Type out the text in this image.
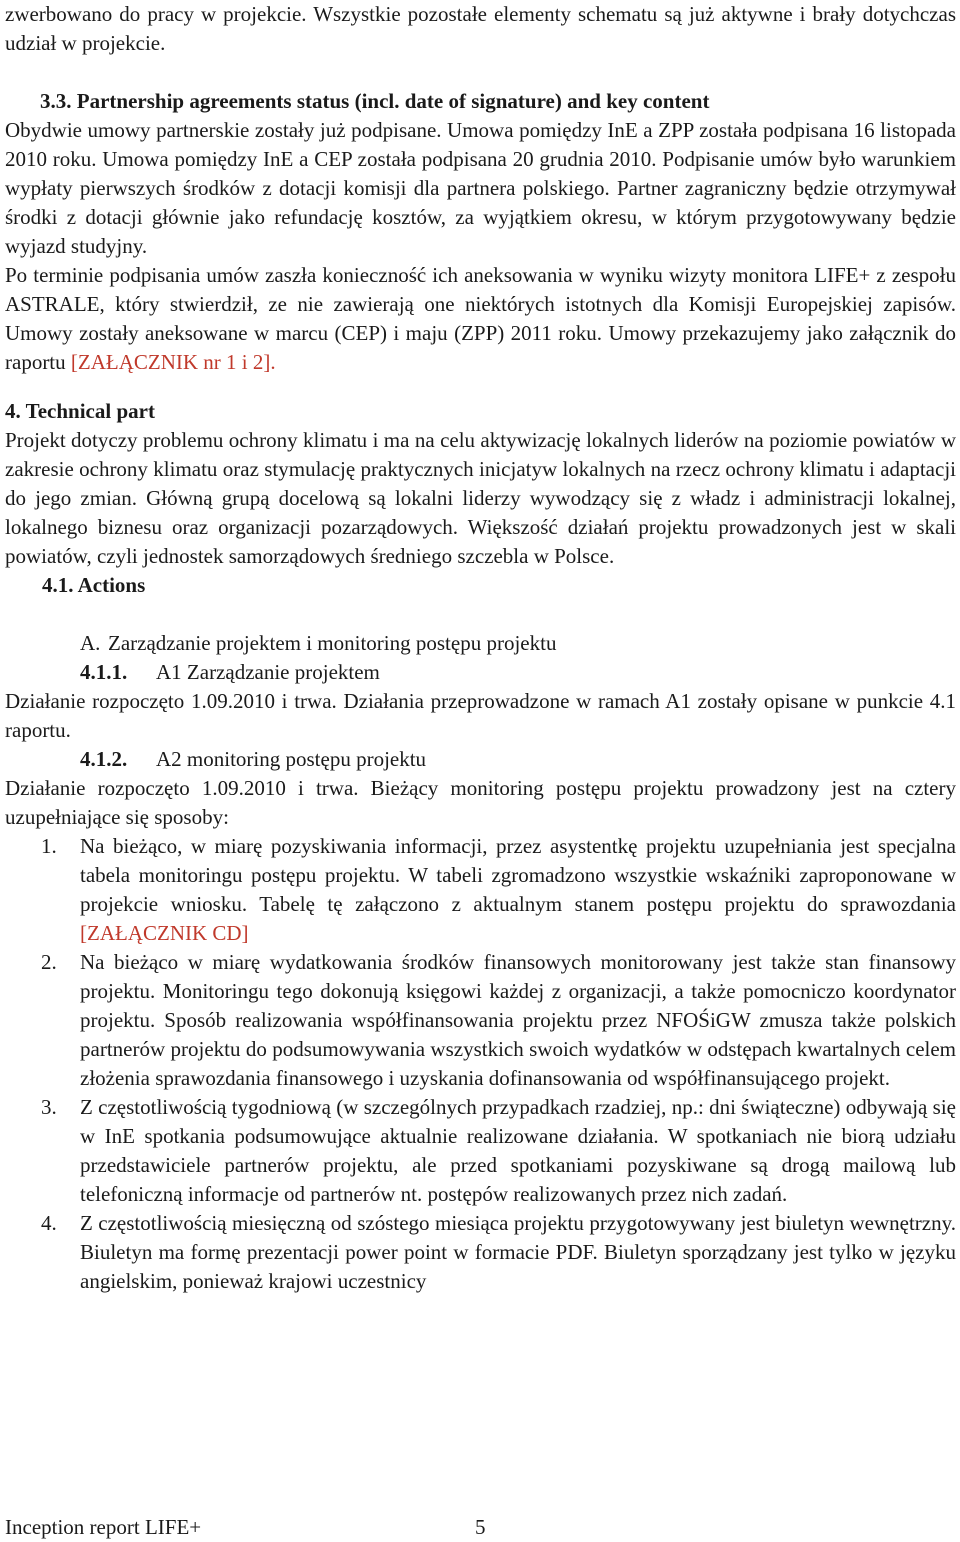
zwerbowano do pracy w projekcie. Wszystkie pozostałe elementy schematu są już aktywne i brały dotychczas udział w projekcie.

3.3. Partnership agreements status (incl. date of signature) and key content

Obydwie umowy partnerskie zostały już podpisane. Umowa pomiędzy InE a ZPP została podpisana 16 listopada 2010 roku. Umowa pomiędzy InE a CEP została podpisana 20 grudnia 2010. Podpisanie umów było warunkiem wypłaty pierwszych środków z dotacji komisji dla partnera polskiego. Partner zagraniczny będzie otrzymywał środki z dotacji głównie jako refundację kosztów, za wyjątkiem okresu, w którym przygotowywany będzie wyjazd studyjny.

Po terminie podpisania umów zaszła konieczność ich aneksowania w wyniku wizyty monitora LIFE+ z zespołu ASTRALE, który stwierdził, ze nie zawierają one niektórych istotnych dla Komisji Europejskiej zapisów. Umowy zostały aneksowane w marcu (CEP) i maju (ZPP) 2011 roku. Umowy przekazujemy jako załącznik do raportu [ZAŁĄCZNIK nr 1 i 2].

4. Technical part

Projekt dotyczy problemu ochrony klimatu i ma na celu aktywizację lokalnych liderów na poziomie powiatów w zakresie ochrony klimatu oraz stymulację praktycznych inicjatyw lokalnych na rzecz ochrony klimatu i adaptacji do jego zmian. Główną grupą docelową są lokalni liderzy wywodzący się z władz i administracji lokalnej, lokalnego biznesu oraz organizacji pozarządowych. Większość działań projektu prowadzonych jest w skali powiatów, czyli jednostek samorządowych średniego szczebla w Polsce.

4.1. Actions

A. Zarządzanie projektem i monitoring postępu projektu

4.1.1. A1 Zarządzanie projektem

Działanie rozpoczęto 1.09.2010 i trwa. Działania przeprowadzone w ramach A1 zostały opisane w punkcie 4.1 raportu.

4.1.2. A2 monitoring postępu projektu

Działanie rozpoczęto 1.09.2010 i trwa. Bieżący monitoring postępu projektu prowadzony jest na cztery uzupełniające się sposoby:

1. Na bieżąco, w miarę pozyskiwania informacji, przez asystentkę projektu uzupełniania jest specjalna tabela monitoringu postępu projektu. W tabeli zgromadzono wszystkie wskaźniki zaproponowane w projekcie wniosku. Tabelę tę załączono z aktualnym stanem postępu projektu do sprawozdania [ZAŁĄCZNIK CD]
2. Na bieżąco w miarę wydatkowania środków finansowych monitorowany jest także stan finansowy projektu. Monitoringu tego dokonują księgowi każdej z organizacji, a także pomocniczo koordynator projektu. Sposób realizowania współfinansowania projektu przez NFOŚiGW zmusza także polskich partnerów projektu do podsumowywania wszystkich swoich wydatków w odstępach kwartalnych celem złożenia sprawozdania finansowego i uzyskania dofinansowania od współfinansującego projekt.
3. Z częstotliwością tygodniową (w szczególnych przypadkach rzadziej, np.: dni świąteczne) odbywają się w InE spotkania podsumowujące aktualnie realizowane działania. W spotkaniach nie biorą udziału przedstawiciele partnerów projektu, ale przed spotkaniami pozyskiwane są drogą mailową lub telefoniczną informacje od partnerów nt. postępów realizowanych przez nich zadań.
4. Z częstotliwością miesięczną od szóstego miesiąca projektu przygotowywany jest biuletyn wewnętrzny. Biuletyn ma formę prezentacji power point w formacie PDF. Biuletyn sporządzany jest tylko w języku angielskim, ponieważ krajowi uczestnicy
Inception report LIFE+	5
